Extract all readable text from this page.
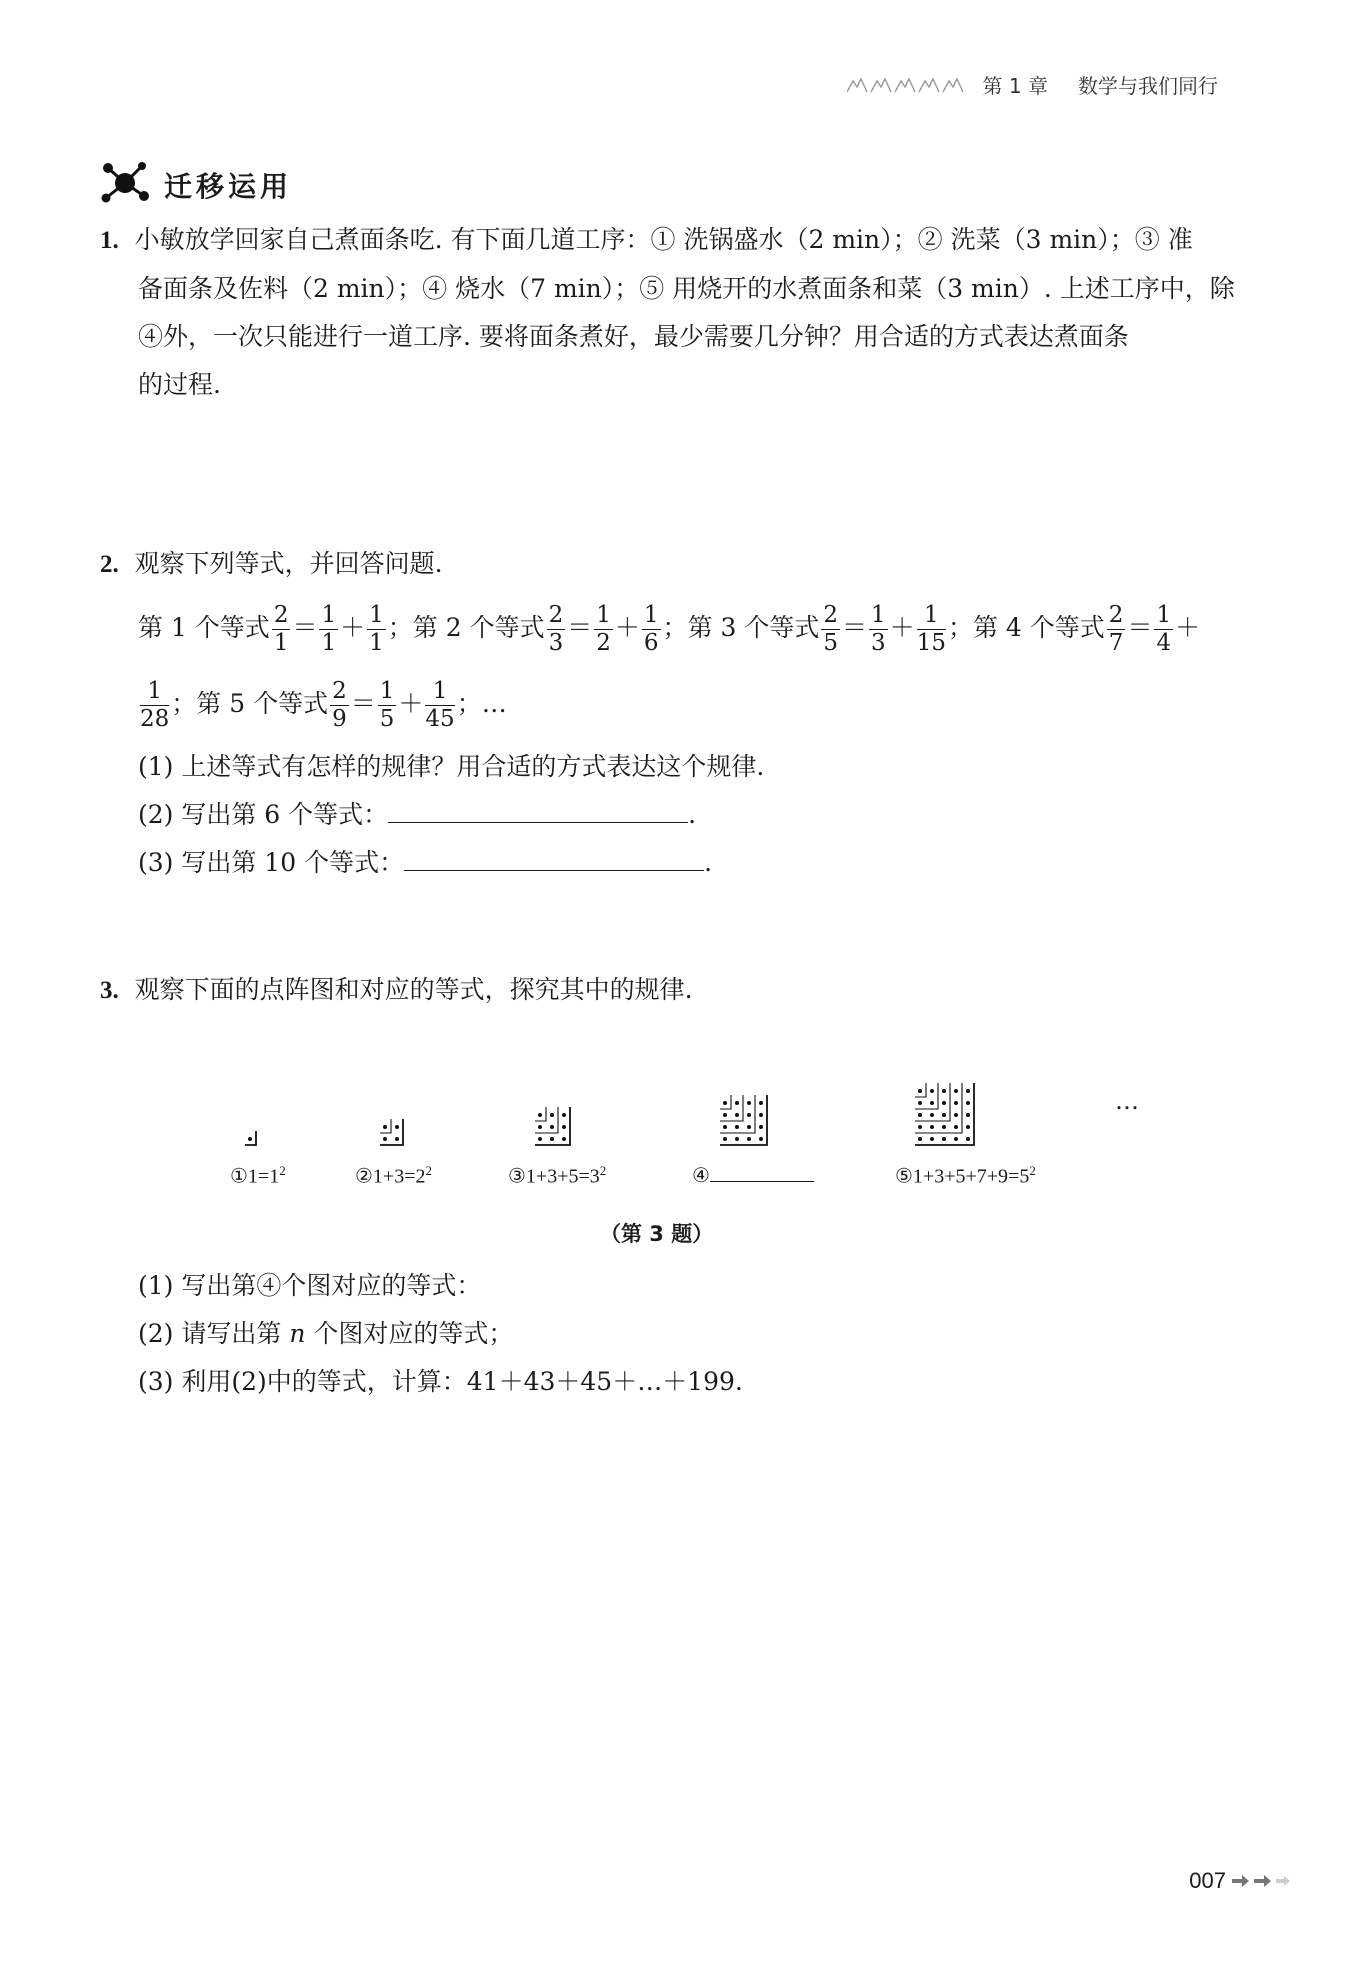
第 1 章 数学与我们同行
迁移运用
1. 小敏放学回家自己煮面条吃. 有下面几道工序：① 洗锅盛水（2 min）；② 洗菜（3 min）；③ 准
备面条及佐料（2 min）；④ 烧水（7 min）；⑤ 用烧开的水煮面条和菜（3 min）. 上述工序中，除
④外，一次只能进行一道工序. 要将面条煮好，最少需要几分钟？用合适的方式表达煮面条
的过程.
2. 观察下列等式，并回答问题.
第 1 个等式 $\frac{2}{1} = \frac{1}{1} + \frac{1}{1}$ ； 第 2 个等式 $\frac{2}{3} = \frac{1}{2} + \frac{1}{6}$ ； 第 3 个等式 $\frac{2}{5} = \frac{1}{3} + \frac{1}{15}$ ； 第 4 个等式 $\frac{2}{7} = \frac{1}{4}$ ＋
$\frac{1}{28}$ ； 第 5 个等式 $\frac{2}{9} = \frac{1}{5} + \frac{1}{45}$ ；…
(1) 上述等式有怎样的规律？用合适的方式表达这个规律.
(2) 写出第 6 个等式：	.
(3) 写出第 10 个等式：	.
3. 观察下面的点阵图和对应的等式，探究其中的规律.
$①1=1^2$	$②1+3=2^2$	$③1+3+5=3^2$	④	$⑤1+3+5+7+9=5^2$
…
（第 3 题）
(1) 写出第④个图对应的等式：
(2) 请写出第 n 个图对应的等式；
(3) 利用(2)中的等式，计算：41＋43＋45＋…＋199.
007
